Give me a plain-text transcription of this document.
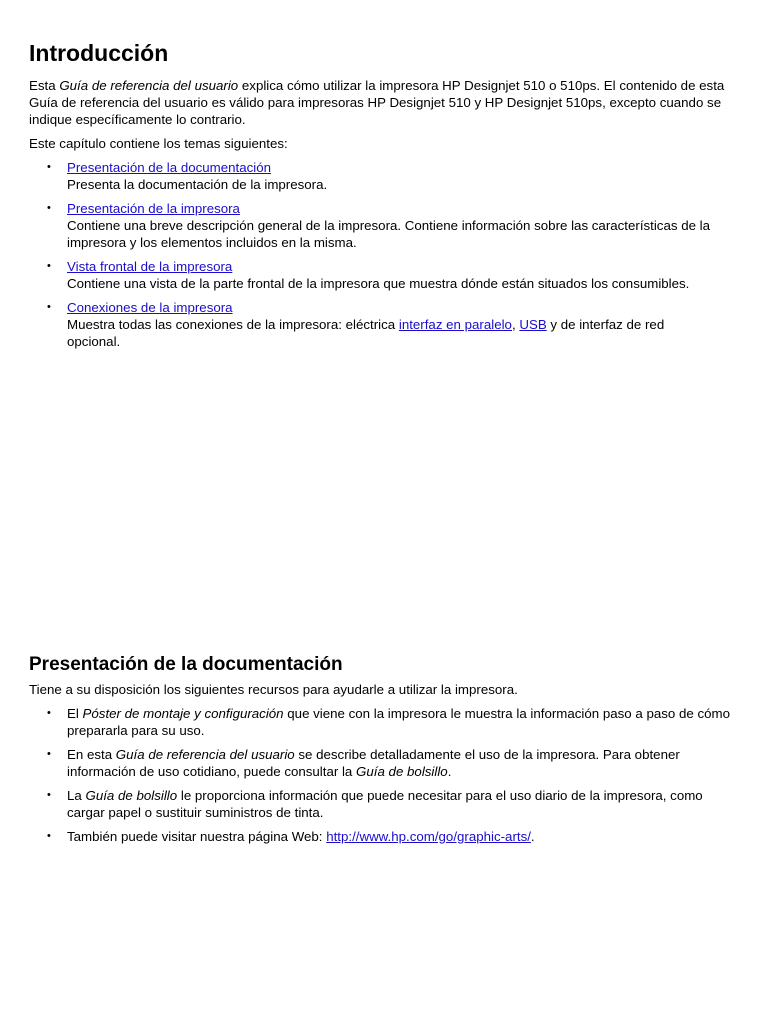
Introducción

Esta Guía de referencia del usuario explica cómo utilizar la impresora HP Designjet 510 o 510ps. El contenido de esta Guía de referencia del usuario es válido para impresoras HP Designjet 510 y HP Designjet 510ps, excepto cuando se indique específicamente lo contrario.

Este capítulo contiene los temas siguientes:

• Presentación de la documentación
Presenta la documentación de la impresora.
• Presentación de la impresora
Contiene una breve descripción general de la impresora. Contiene información sobre las características de la impresora y los elementos incluidos en la misma.
• Vista frontal de la impresora
Contiene una vista de la parte frontal de la impresora que muestra dónde están situados los consumibles.
• Conexiones de la impresora
Muestra todas las conexiones de la impresora: eléctrica interfaz en paralelo, USB y de interfaz de red opcional.
Presentación de la documentación

Tiene a su disposición los siguientes recursos para ayudarle a utilizar la impresora.

• El Póster de montaje y configuración que viene con la impresora le muestra la información paso a paso de cómo prepararla para su uso.
• En esta Guía de referencia del usuario se describe detalladamente el uso de la impresora. Para obtener información de uso cotidiano, puede consultar la Guía de bolsillo.
• La Guía de bolsillo le proporciona información que puede necesitar para el uso diario de la impresora, como cargar papel o sustituir suministros de tinta.
• También puede visitar nuestra página Web: http://www.hp.com/go/graphic-arts/.
